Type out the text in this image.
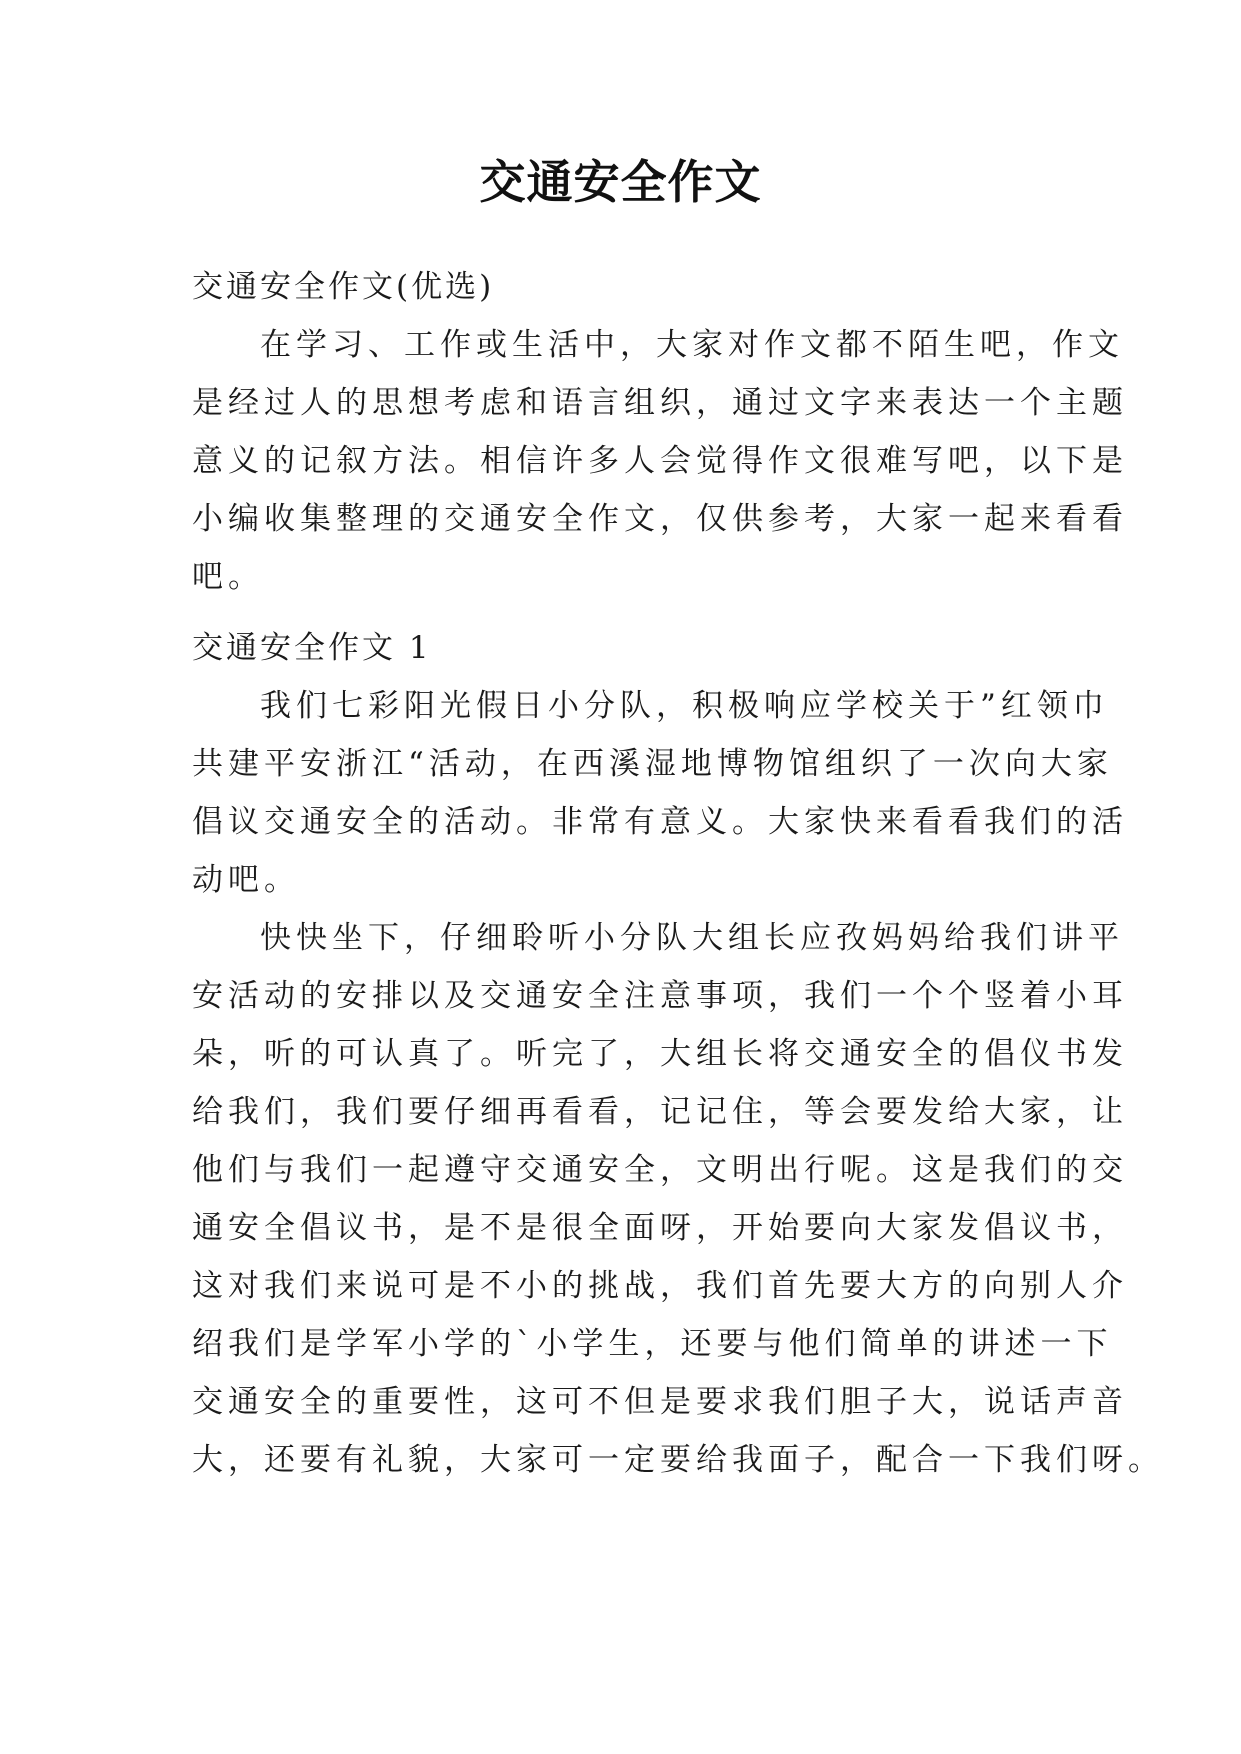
交通安全作文
交通安全作文(优选)
在学习、工作或生活中，大家对作文都不陌生吧，作文
是经过人的思想考虑和语言组织，通过文字来表达一个主题
意义的记叙方法。相信许多人会觉得作文很难写吧，以下是
小编收集整理的交通安全作文，仅供参考，大家一起来看看
吧。
交通安全作文 1
我们七彩阳光假日小分队，积极响应学校关于”红领巾
共建平安浙江“活动，在西溪湿地博物馆组织了一次向大家
倡议交通安全的活动。非常有意义。大家快来看看我们的活
动吧。
快快坐下，仔细聆听小分队大组长应孜妈妈给我们讲平
安活动的安排以及交通安全注意事项，我们一个个竖着小耳
朵，听的可认真了。听完了，大组长将交通安全的倡仪书发
给我们，我们要仔细再看看，记记住，等会要发给大家，让
他们与我们一起遵守交通安全，文明出行呢。这是我们的交
通安全倡议书，是不是很全面呀，开始要向大家发倡议书，
这对我们来说可是不小的挑战，我们首先要大方的向别人介
绍我们是学军小学的`小学生，还要与他们简单的讲述一下
交通安全的重要性，这可不但是要求我们胆子大，说话声音
大，还要有礼貌，大家可一定要给我面子，配合一下我们呀。
